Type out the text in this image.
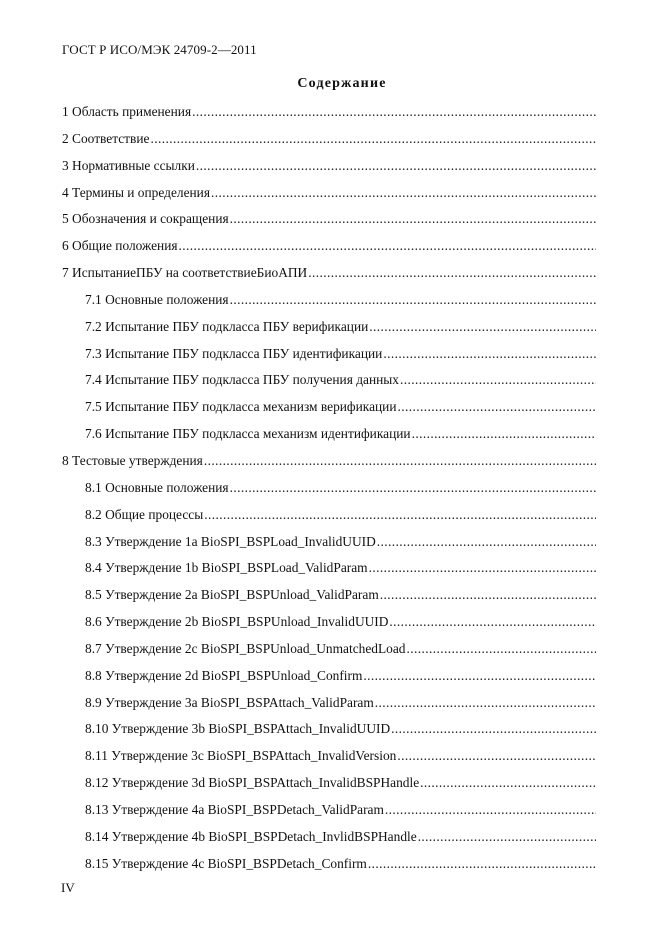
ГОСТ Р ИСО/МЭК 24709-2—2011
Содержание
1 Область применения
.....
2 Соответствие
.....
3 Нормативные ссылки
.....
4 Термины и определения
.....
5 Обозначения и сокращения
.....
6 Общие положения
.....
7 ИспытаниеПБУ на соответствиеБиоАПИ
.....
7.1 Основные положения
.....
7.2 Испытание ПБУ подкласса ПБУ верификации
.....
7.3 Испытание ПБУ подкласса ПБУ идентификации
.....
7.4 Испытание ПБУ подкласса ПБУ получения данных
.....
7.5 Испытание ПБУ подкласса механизм верификации
.....
7.6 Испытание ПБУ подкласса механизм идентификации
.....
8 Тестовые утверждения
.....
8.1 Основные положения
.....
8.2 Общие процессы
.....
8.3 Утверждение 1а BioSPI_BSPLoad_InvalidUUID
.....
8.4 Утверждение 1b BioSPI_BSPLoad_ValidParam
.....
8.5 Утверждение 2a BioSPI_BSPUnload_ValidParam
.....
8.6 Утверждение 2b BioSPI_BSPUnload_InvalidUUID
.....
8.7 Утверждение 2c BioSPI_BSPUnload_UnmatchedLoad
.....
8.8 Утверждение 2d BioSPI_BSPUnload_Confirm
.....
8.9 Утверждение 3a BioSPI_BSPAttach_ValidParam
.....
8.10 Утверждение 3b BioSPI_BSPAttach_InvalidUUID
.....
8.11 Утверждение 3c BioSPI_BSPAttach_InvalidVersion
.....
8.12 Утверждение 3d BioSPI_BSPAttach_InvalidBSPHandle
.....
8.13 Утверждение 4a BioSPI_BSPDetach_ValidParam
.....
8.14 Утверждение 4b BioSPI_BSPDetach_InvlidBSPHandle
.....
8.15 Утверждение 4c BioSPI_BSPDetach_Confirm
.....
IV
